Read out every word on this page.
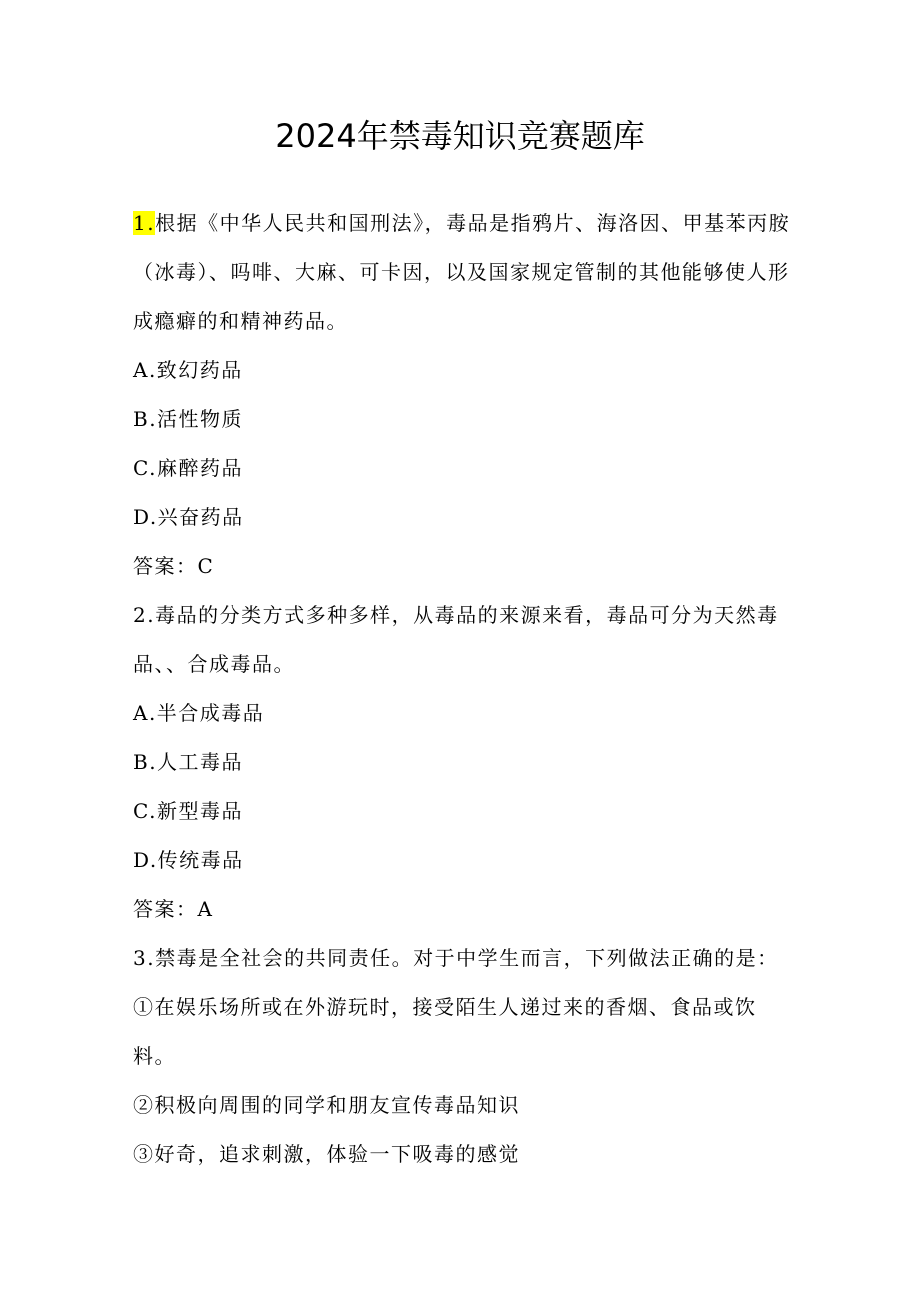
2024年禁毒知识竞赛题库

1.根据《中华人民共和国刑法》，毒品是指鸦片、海洛因、甲基苯丙胺（冰毒）、吗啡、大麻、可卡因，以及国家规定管制的其他能够使人形成瘾癖的和精神药品。

A.致幻药品

B.活性物质

C.麻醉药品

D.兴奋药品

答案：C

2.毒品的分类方式多种多样，从毒品的来源来看，毒品可分为天然毒品、、合成毒品。

A.半合成毒品

B.人工毒品

C.新型毒品

D.传统毒品

答案：A

3.禁毒是全社会的共同责任。对于中学生而言，下列做法正确的是：

①在娱乐场所或在外游玩时，接受陌生人递过来的香烟、食品或饮料。

②积极向周围的同学和朋友宣传毒品知识

③好奇，追求刺激，体验一下吸毒的感觉
